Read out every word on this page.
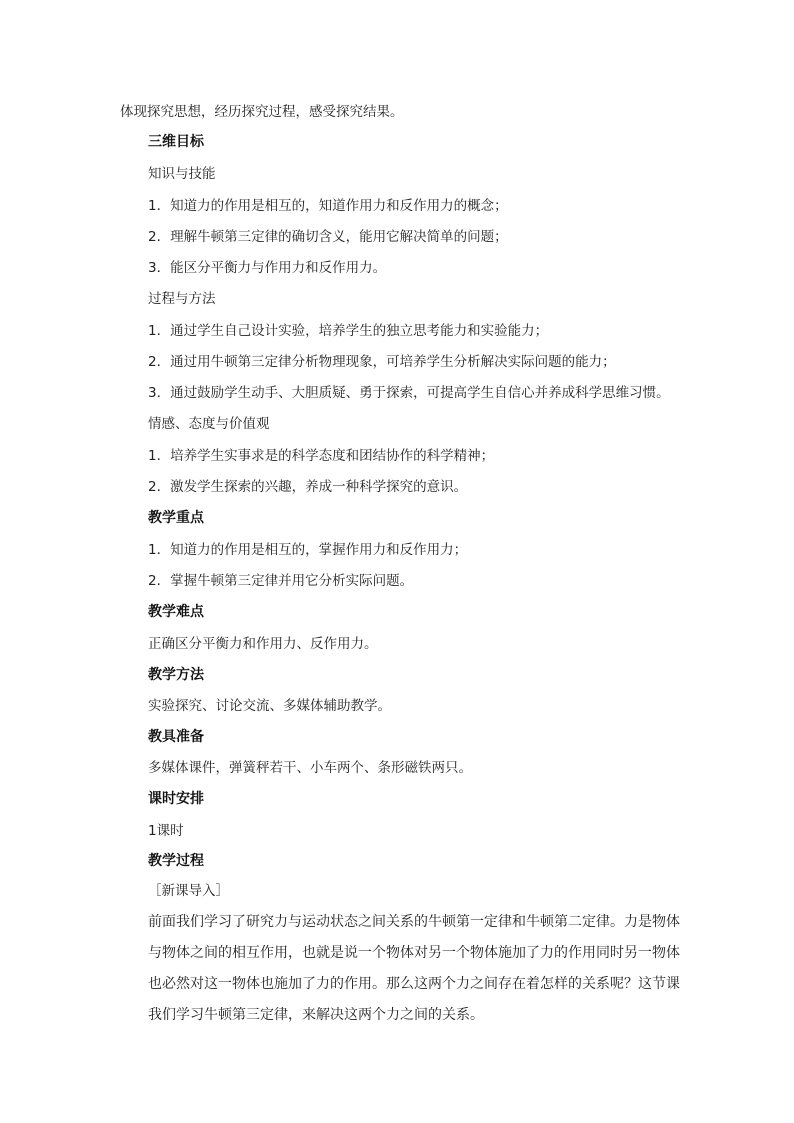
体现探究思想，经历探究过程，感受探究结果。
三维目标
知识与技能
1．知道力的作用是相互的，知道作用力和反作用力的概念；
2．理解牛顿第三定律的确切含义，能用它解决简单的问题；
3．能区分平衡力与作用力和反作用力。
过程与方法
1．通过学生自己设计实验，培养学生的独立思考能力和实验能力；
2．通过用牛顿第三定律分析物理现象，可培养学生分析解决实际问题的能力；
3．通过鼓励学生动手、大胆质疑、勇于探索，可提高学生自信心并养成科学思维习惯。
情感、态度与价值观
1．培养学生实事求是的科学态度和团结协作的科学精神；
2．激发学生探索的兴趣，养成一种科学探究的意识。
教学重点
1．知道力的作用是相互的，掌握作用力和反作用力；
2．掌握牛顿第三定律并用它分析实际问题。
教学难点
正确区分平衡力和作用力、反作用力。
教学方法
实验探究、讨论交流、多媒体辅助教学。
教具准备
多媒体课件，弹簧秤若干、小车两个、条形磁铁两只。
课时安排
1课时
教学过程
［新课导入］
前面我们学习了研究力与运动状态之间关系的牛顿第一定律和牛顿第二定律。力是物体
与物体之间的相互作用，也就是说一个物体对另一个物体施加了力的作用同时另一物体
也必然对这一物体也施加了力的作用。那么这两个力之间存在着怎样的关系呢？这节课
我们学习牛顿第三定律，来解决这两个力之间的关系。
